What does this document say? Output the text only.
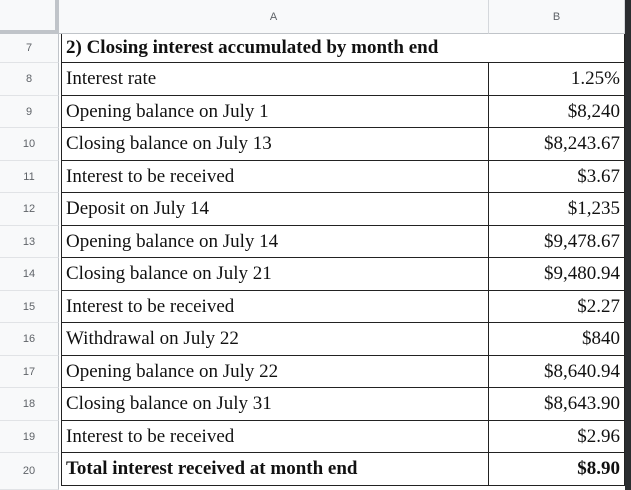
A	B
7	2) Closing interest accumulated by month end
8	Interest rate	1.25%
9	Opening balance on July 1	$8,240
10	Closing balance on July 13	$8,243.67
11	Interest to be received	$3.67
12	Deposit on July 14	$1,235
13	Opening balance on July 14	$9,478.67
14	Closing balance on July 21	$9,480.94
15	Interest to be received	$2.27
16	Withdrawal on July 22	$840
17	Opening balance on July 22	$8,640.94
18	Closing balance on July 31	$8,643.90
19	Interest to be received	$2.96
20	Total interest received at month end	$8.90
